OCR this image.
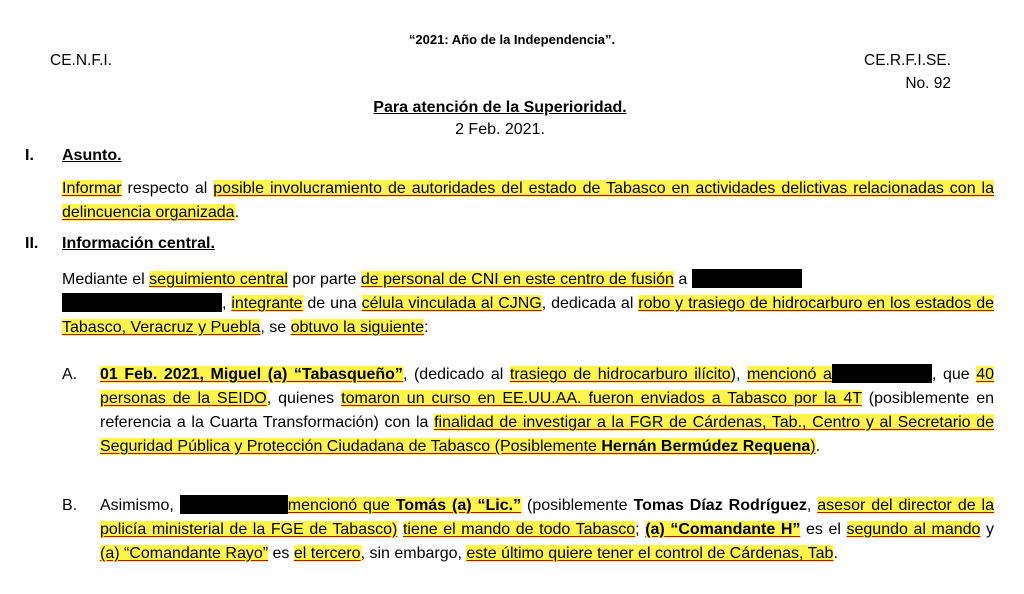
“2021: Año de la Independencia”.
CE.N.F.I.	CE.R.F.I.SE.
No. 92
Para atención de la Superioridad.
2 Feb. 2021.
I. Asunto.
Informar respecto al posible involucramiento de autoridades del estado de Tabasco en actividades delictivas relacionadas con la delincuencia organizada.
II. Información central.
Mediante el seguimiento central por parte de personal de CNI en este centro de fusión a
, integrante de una célula vinculada al CJNG, dedicada al robo y trasiego de hidrocarburo en los estados de Tabasco, Veracruz y Puebla, se obtuvo la siguiente:
A. 01 Feb. 2021, Miguel (a) “Tabasqueño”, (dedicado al trasiego de hidrocarburo ilícito), mencionó a	, que 40 personas de la SEIDO, quienes tomaron un curso en EE.UU.AA. fueron enviados a Tabasco por la 4T (posiblemente en referencia a la Cuarta Transformación) con la finalidad de investigar a la FGR de Cárdenas, Tab., Centro y al Secretario de Seguridad Pública y Protección Ciudadana de Tabasco (Posiblemente Hernán Bermúdez Requena).
B. Asimismo,	mencionó que Tomás (a) “Lic.” (posiblemente Tomas Díaz Rodríguez, asesor del director de la policía ministerial de la FGE de Tabasco) tiene el mando de todo Tabasco; (a) “Comandante H” es el segundo al mando y (a) “Comandante Rayo” es el tercero, sin embargo, este último quiere tener el control de Cárdenas, Tab.
